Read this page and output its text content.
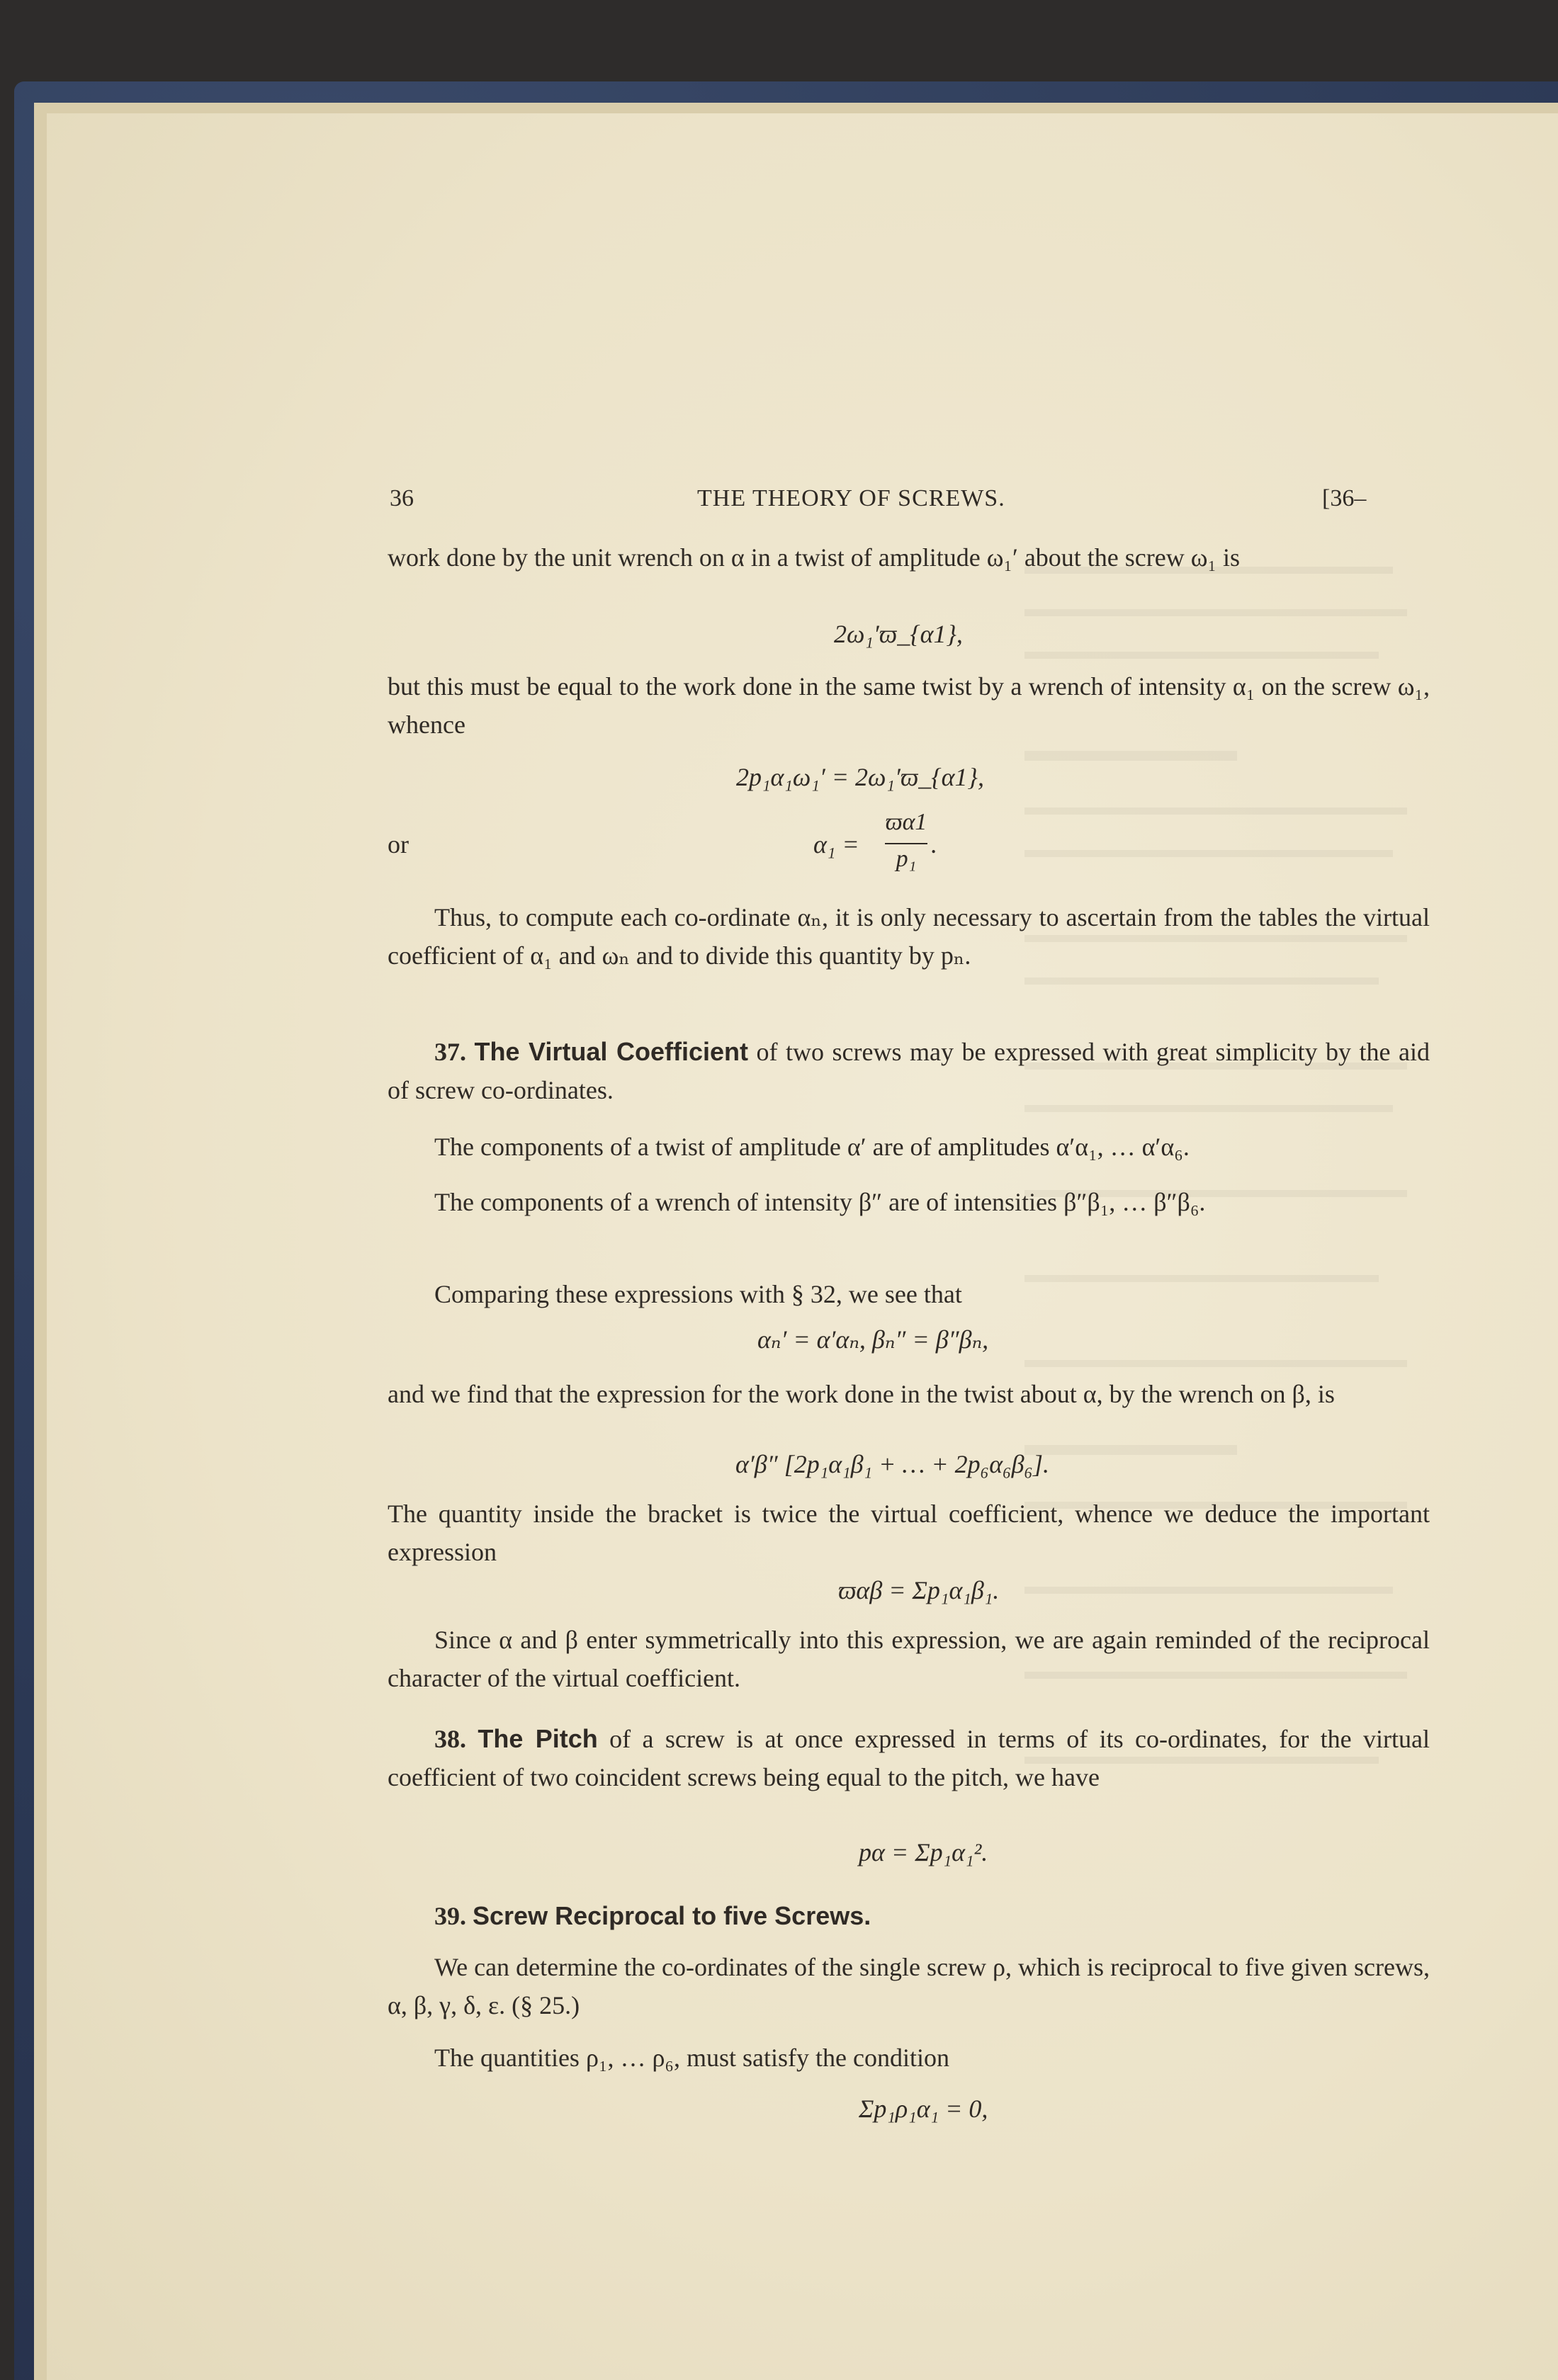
36	THE THEORY OF SCREWS.	[36–
work done by the unit wrench on α in a twist of amplitude ω₁′ about the screw ω₁ is
2ω₁′ϖ_{α1},
but this must be equal to the work done in the same twist by a wrench of intensity α₁ on the screw ω₁, whence
2p₁α₁ω₁′ = 2ω₁′ϖ_{α1},
or	α₁ =
ϖα1
p₁
.
Thus, to compute each co-ordinate αₙ, it is only necessary to ascertain from the tables the virtual coefficient of α₁ and ωₙ and to divide this quantity by pₙ.
37. The Virtual Coefficient of two screws may be expressed with great simplicity by the aid of screw co-ordinates.
The components of a twist of amplitude α′ are of amplitudes α′α₁, … α′α₆.
The components of a wrench of intensity β″ are of intensities β″β₁, … β″β₆.
Comparing these expressions with § 32, we see that
αₙ′ = α′αₙ, βₙ″ = β″βₙ,
and we find that the expression for the work done in the twist about α, by the wrench on β, is
α′β″ [2p₁α₁β₁ + … + 2p₆α₆β₆].
The quantity inside the bracket is twice the virtual coefficient, whence we deduce the important expression
ϖαβ = Σp₁α₁β₁.
Since α and β enter symmetrically into this expression, we are again reminded of the reciprocal character of the virtual coefficient.
38. The Pitch of a screw is at once expressed in terms of its co-ordinates, for the virtual coefficient of two coincident screws being equal to the pitch, we have
pα = Σp₁α₁².
39. Screw Reciprocal to five Screws.
We can determine the co-ordinates of the single screw ρ, which is reciprocal to five given screws, α, β, γ, δ, ε. (§ 25.)
The quantities ρ₁, … ρ₆, must satisfy the condition
Σp₁ρ₁α₁ = 0,
